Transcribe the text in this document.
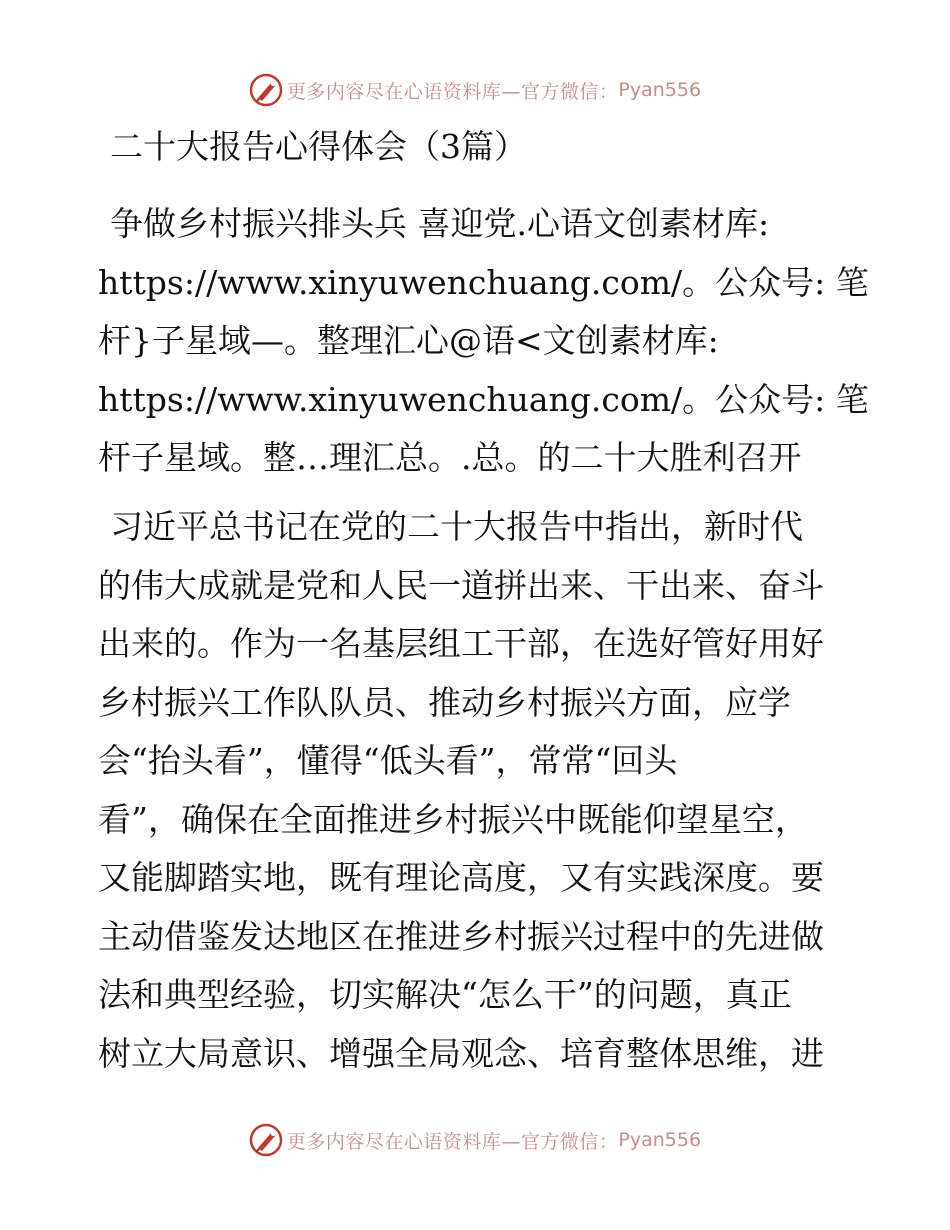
更多内容尽在心语资料库—官方微信： Pyan556
二十大报告心得体会（3篇）

争做乡村振兴排头兵 喜迎党.心语文创素材库:
https://www.xinyuwenchuang.com/。公众号: 笔
杆}子星域—。整理汇心@语<文创素材库:
https://www.xinyuwenchuang.com/。公众号: 笔
杆子星域。整…理汇总。.总。的二十大胜利召开

习近平总书记在党的二十大报告中指出，新时代
的伟大成就是党和人民一道拼出来、干出来、奋斗
出来的。作为一名基层组工干部，在选好管好用好
乡村振兴工作队队员、推动乡村振兴方面，应学
会“抬头看”，懂得“低头看”，常常“回头
看”，确保在全面推进乡村振兴中既能仰望星空，
又能脚踏实地，既有理论高度，又有实践深度。要
主动借鉴发达地区在推进乡村振兴过程中的先进做
法和典型经验，切实解决“怎么干”的问题，真正
树立大局意识、增强全局观念、培育整体思维，进

更多内容尽在心语资料库—官方微信： Pyan556
